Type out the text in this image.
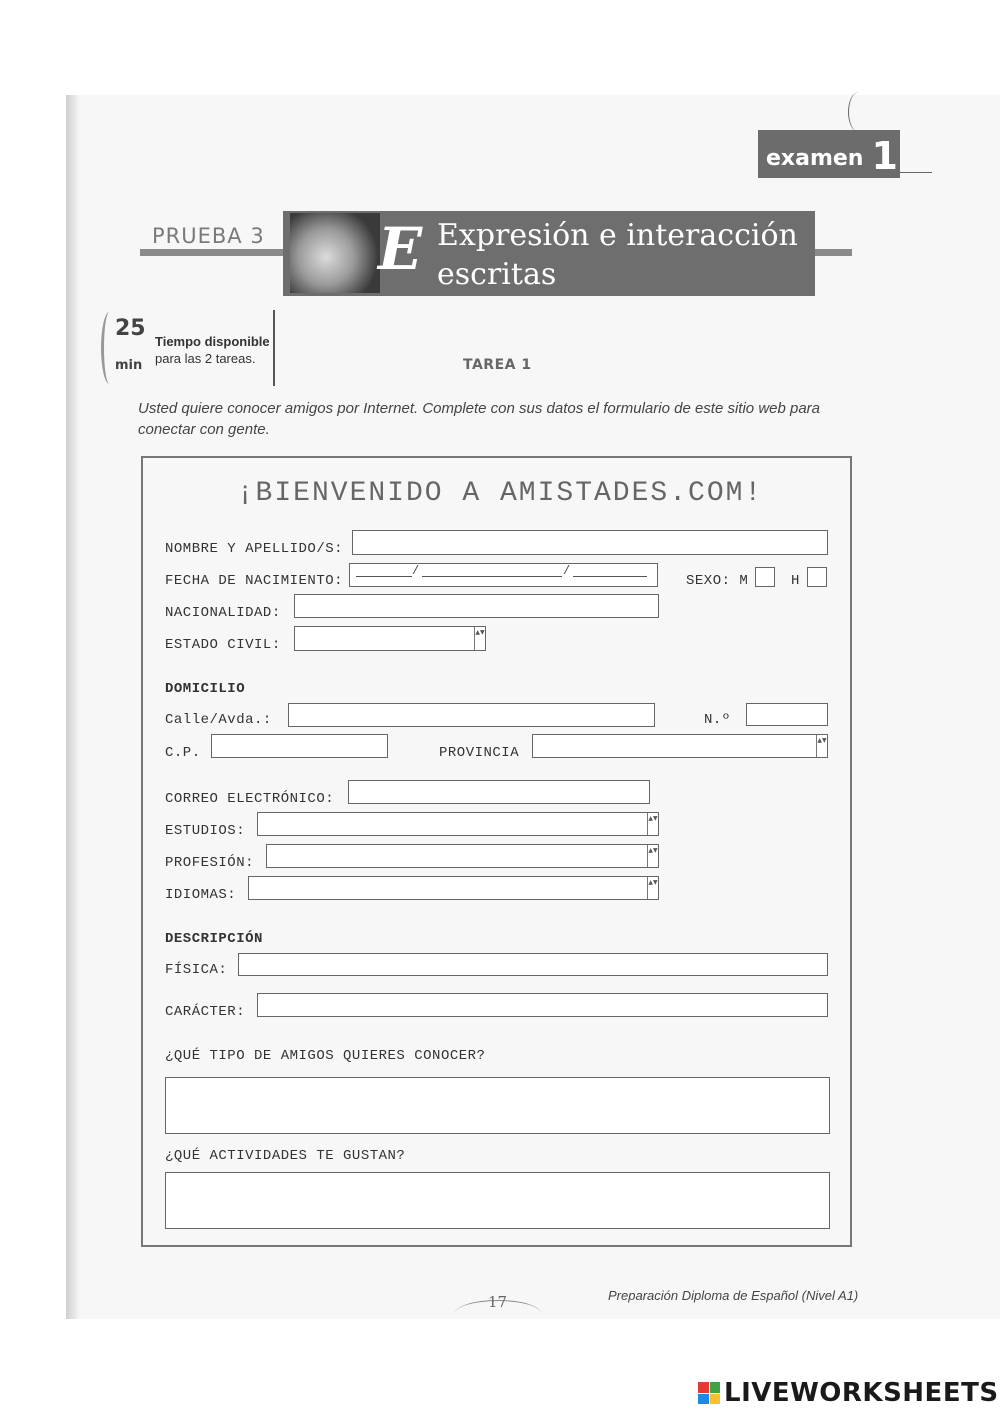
examen 1
PRUEBA 3 E Expresión e interacción
escritas
25
min
Tiempo disponible
para las 2 tareas.	TAREA 1
Usted quiere conocer amigos por Internet. Complete con sus datos el formulario de este sitio web para conectar con gente.
¡BIENVENIDO A AMISTADES.COM!
NOMBRE Y APELLIDO/S:
FECHA DE NACIMIENTO:
/	/
SEXO: M	H
NACIONALIDAD:
ESTADO CIVIL:
▲▼
DOMICILIO
Calle/Avda.:	N.º
C.P.	PROVINCIA
▲▼
CORREO ELECTRÓNICO:
ESTUDIOS:
▲▼
PROFESIÓN:
▲▼
IDIOMAS:
▲▼
DESCRIPCIÓN
FÍSICA:
CARÁCTER:
¿QUÉ TIPO DE AMIGOS QUIERES CONOCER?
¿QUÉ ACTIVIDADES TE GUSTAN?
17	Preparación Diploma de Español (Nivel A1)
LIVEWORKSHEETS
